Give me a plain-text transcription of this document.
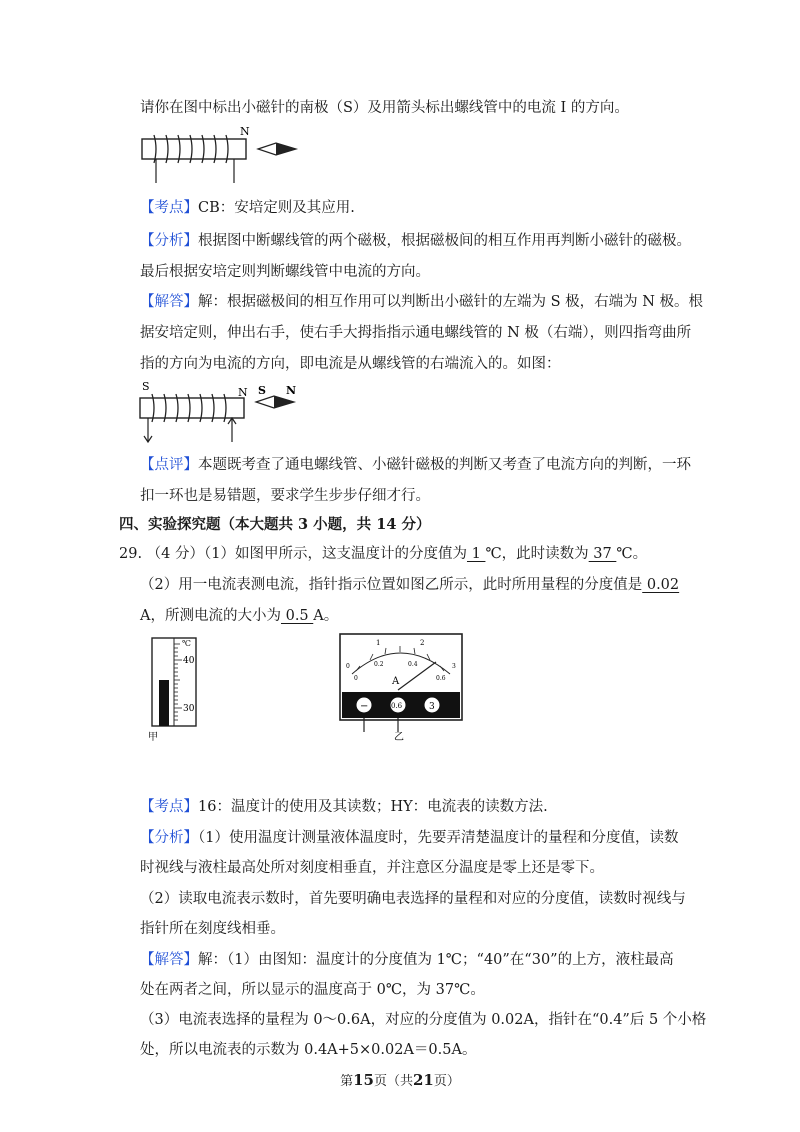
请你在图中标出小磁针的南极（S）及用箭头标出螺线管中的电流 I 的方向。
N
【考点】CB：安培定则及其应用.
【分析】根据图中断螺线管的两个磁极，根据磁极间的相互作用再判断小磁针的磁极。
最后根据安培定则判断螺线管中电流的方向。
【解答】解：根据磁极间的相互作用可以判断出小磁针的左端为 S 极，右端为 N 极。根
据安培定则，伸出右手，使右手大拇指指示通电螺线管的 N 极（右端），则四指弯曲所
指的方向为电流的方向，即电流是从螺线管的右端流入的。如图：
S	N S N
【点评】本题既考查了通电螺线管、小磁针磁极的判断又考查了电流方向的判断，一环
扣一环也是易错题，要求学生步步仔细才行。
四、实验探究题（本大题共 3 小题，共 14 分）
29. （4 分）（1）如图甲所示，这支温度计的分度值为 1 ℃，此时读数为 37 ℃。
（2）用一电流表测电流，指针指示位置如图乙所示，此时所用量程的分度值是 0.02
A，所测电流的大小为 0.5 A。
℃
40
30
甲
1	2
0	3
0
0.2	0.4
0.6
A
−	0.6	3
乙
【考点】16：温度计的使用及其读数；HY：电流表的读数方法.
【分析】（1）使用温度计测量液体温度时，先要弄清楚温度计的量程和分度值，读数
时视线与液柱最高处所对刻度相垂直，并注意区分温度是零上还是零下。
（2）读取电流表示数时，首先要明确电表选择的量程和对应的分度值，读数时视线与
指针所在刻度线相垂。
【解答】解：（1）由图知：温度计的分度值为 1℃；“40”在“30”的上方，液柱最高
处在两者之间，所以显示的温度高于 0℃，为 37℃。
（3）电流表选择的量程为 0～0.6A，对应的分度值为 0.02A，指针在“0.4”后 5 个小格
处，所以电流表的示数为 0.4A+5×0.02A＝0.5A。
第15页（共21页）
